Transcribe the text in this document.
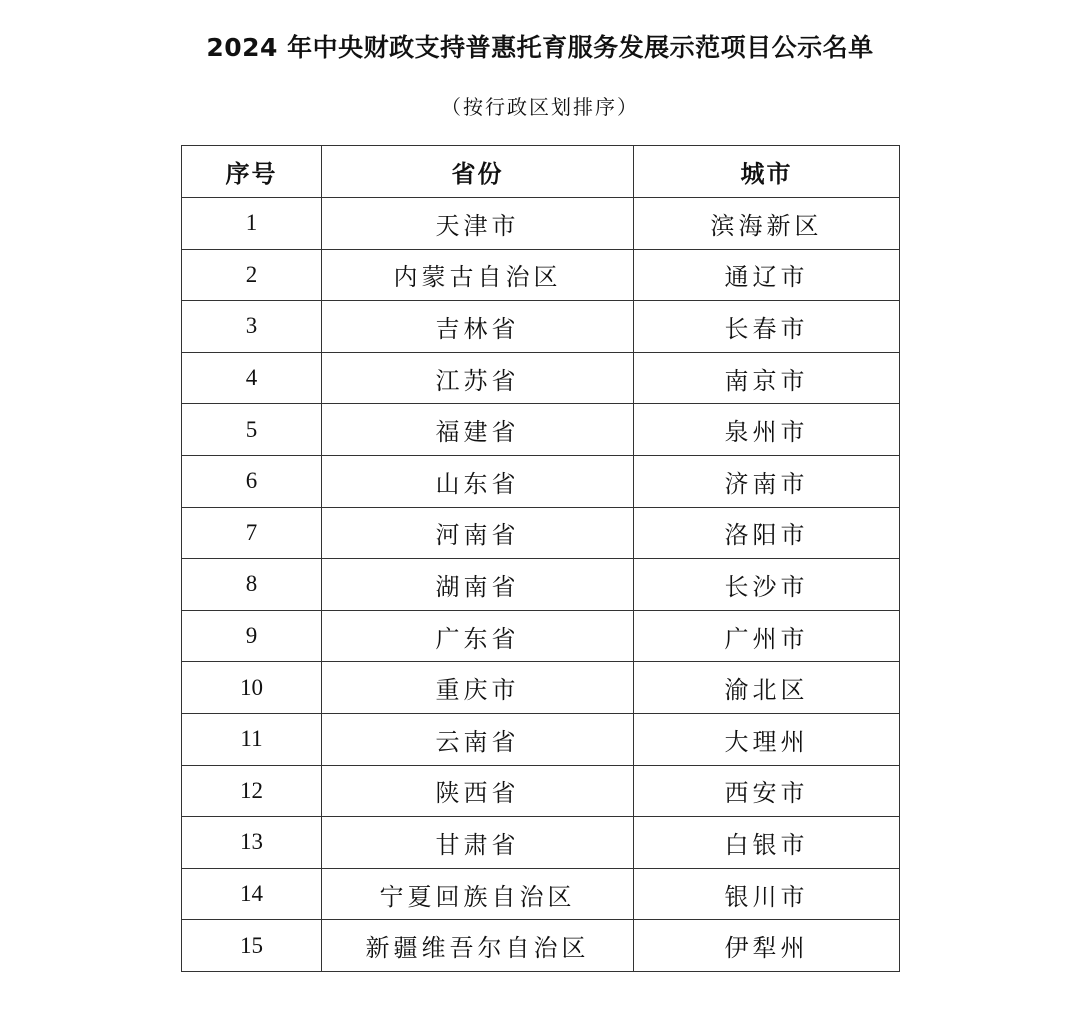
2024 年中央财政支持普惠托育服务发展示范项目公示名单
（按行政区划排序）
序号	省份	城市
1	天津市	滨海新区
2	内蒙古自治区	通辽市
3	吉林省	长春市
4	江苏省	南京市
5	福建省	泉州市
6	山东省	济南市
7	河南省	洛阳市
8	湖南省	长沙市
9	广东省	广州市
10	重庆市	渝北区
11	云南省	大理州
12	陕西省	西安市
13	甘肃省	白银市
14	宁夏回族自治区	银川市
15	新疆维吾尔自治区	伊犁州
